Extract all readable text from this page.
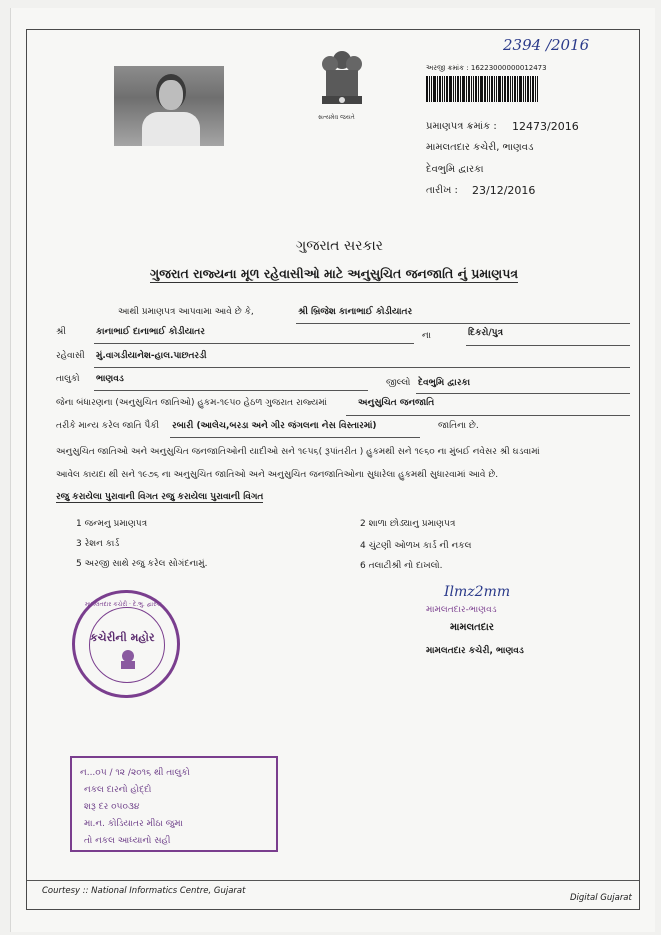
2394 /2016
સત્યમેવ જયતે
અરજી ક્રમાંક : 16223000000012473
પ્રમાણપત્ર ક્રમાંક : 12473/2016
મામલતદાર કચેરી, ભાણવડ
દેવભુમિ દ્વારકા
તારીખ : 23/12/2016
ગુજરાત સરકાર
ગુજરાત રાજ્યના મૂળ રહેવાસીઓ માટે અનુસુચિત જનજાતિ નું પ્રમાણપત્ર
આથી પ્રમાણપત્ર આપવામા આવે છે કે,	શ્રી બ્રિજેશ કાનાભાઈ કોડીયાતર
શ્રી	કાનાભાઈ દાનાભાઈ કોડીયાતર	ના	દિકરો/પુત્ર
રહેવાસી મું.વાગડીયાનેશ-હાલ.પાછતરડી
તાલુકો ભાણવડ	જીલ્લો દેવભુમિ દ્વારકા
જેના બંધારણના (અનુસુચિત જાતિઓ) હુકમ-૧૯૫૦ હેઠળ ગુજરાત રાજ્યમાં	અનુસુચિત જનજાતિ
તરીકે માન્ય કરેલ જાતિ પૈકી રબારી (આલેચ,બરડા અને ગીર જંગલના નેસ વિસ્તારમાં)	જાતિના છે.
અનુસુચિત જાતિઓ અને અનુસુચિત જનજાતિઓની યાદીઓ સને ૧૯૫૬( રૂપાંતરીત ) હુકમથી સને ૧૯૬૦ ના મુંબઈ નવેસર શ્રી ઘડવામાં
આવેલ કાયદા થી સને ૧૯૭૬ ના અનુસુચિત જાતિઓ અને અનુસુચિત જનજાતિઓના સુધારેલા હુકમથી સુધારવામાં આવે છે.
રજુ કરાયેલા પુરાવાની વિગત રજુ કરાયેલા પુરાવાની વિગત
1 જન્મનુ પ્રમાણપત્ર	2 શાળા છોડ્યાનુ પ્રમાણપત્ર
3 રેશન કાર્ડ	4 ચુંટણી ઓળખ કાર્ડ ની નકલ
5 અરજી સાથે રજુ કરેલ સોગંદનામું.	6 તલાટીશ્રી નો દાખલો.
મામલતદાર કચેરી · દે.ભુ. દ્વારકા
કચેરીની મહોર
Ilmz2mm
મામલતદાર-ભાણવડ
મામલતદાર
મામલતદાર કચેરી, ભાણવડ
ન...૦૫ / ૧૨ /૨૦૧૬ થી તાલુકો
નકલ દારનો હોદ્દો
શરૂ દર ૦૫૦૩૪
મા.ન. કોડિયાતર મીઠા જુમા
તો નકલ આધ્યાનો સહી
Courtesy :: National Informatics Centre, Gujarat
Digital Gujarat
